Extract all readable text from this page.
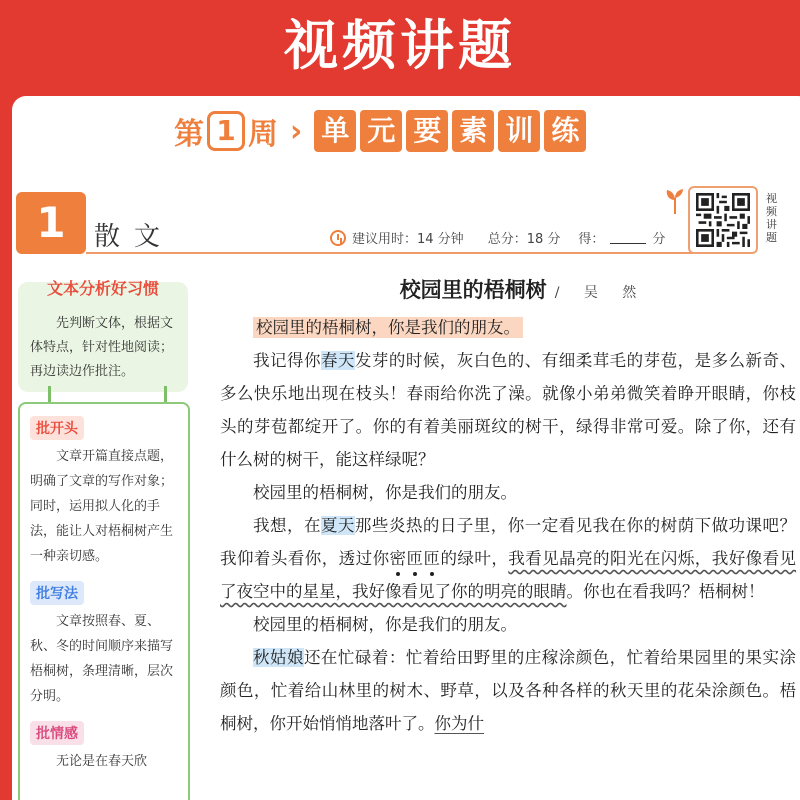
视频讲题
第 1 周 › 单 元 要 素 训 练
1	散文	建议用时：14 分钟 总分：18 分 得：	分
视频讲题
文本分析好习惯
先判断文体，根据文体特点，针对性地阅读；再边读边作批注。
批开头
文章开篇直接点题，明确了文章的写作对象；同时，运用拟人化的手法，能让人对梧桐树产生一种亲切感。
批写法
文章按照春、夏、秋、冬的时间顺序来描写梧桐树，条理清晰，层次分明。
批情感
无论是在春天欣
校园里的梧桐树 / 吴 然
校园里的梧桐树，你是我们的朋友。
我记得你春天发芽的时候，灰白色的、有细柔茸毛的芽苞，是多么新奇、多么快乐地出现在枝头！春雨给你洗了澡。就像小弟弟微笑着睁开眼睛，你枝头的芽苞都绽开了。你的有着美丽斑纹的树干，绿得非常可爱。除了你，还有什么树的树干，能这样绿呢？
校园里的梧桐树，你是我们的朋友。
我想，在夏天那些炎热的日子里，你一定看见我在你的树荫下做功课吧？我仰着头看你，透过你密匝匝的绿叶，我看见晶亮的阳光在闪烁，我好像看见了夜空中的星星，我好像看见了你的明亮的眼睛。你也在看我吗？梧桐树！
校园里的梧桐树，你是我们的朋友。
秋姑娘还在忙碌着：忙着给田野里的庄稼涂颜色，忙着给果园里的果实涂颜色，忙着给山林里的树木、野草，以及各种各样的秋天里的花朵涂颜色。梧桐树，你开始悄悄地落叶了。你为什
